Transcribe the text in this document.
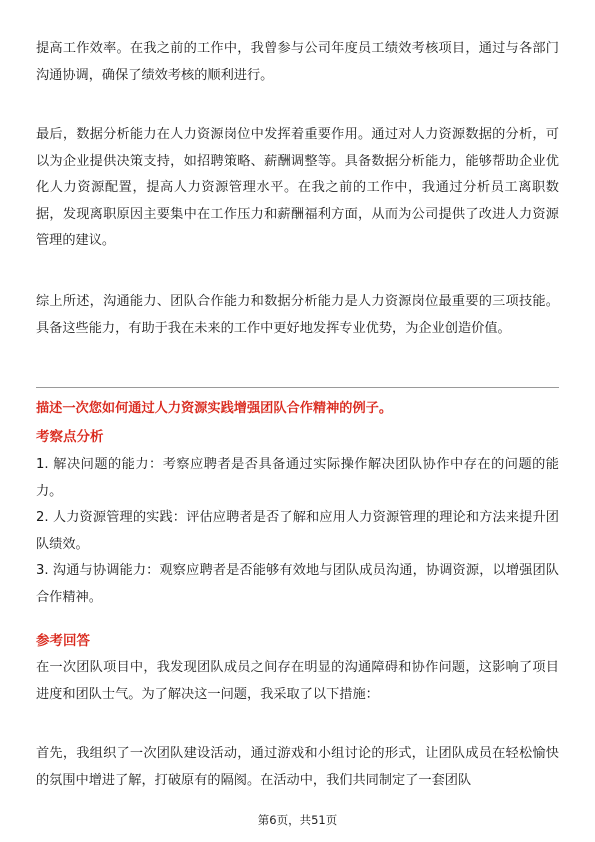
提高工作效率。在我之前的工作中，我曾参与公司年度员工绩效考核项目，通过与各部门沟通协调，确保了绩效考核的顺利进行。

最后，数据分析能力在人力资源岗位中发挥着重要作用。通过对人力资源数据的分析，可以为企业提供决策支持，如招聘策略、薪酬调整等。具备数据分析能力，能够帮助企业优化人力资源配置，提高人力资源管理水平。在我之前的工作中，我通过分析员工离职数据，发现离职原因主要集中在工作压力和薪酬福利方面，从而为公司提供了改进人力资源管理的建议。

综上所述，沟通能力、团队合作能力和数据分析能力是人力资源岗位最重要的三项技能。具备这些能力，有助于我在未来的工作中更好地发挥专业优势，为企业创造价值。

描述一次您如何通过人力资源实践增强团队合作精神的例子。
考察点分析

1. 解决问题的能力：考察应聘者是否具备通过实际操作解决团队协作中存在的问题的能力。

2. 人力资源管理的实践：评估应聘者是否了解和应用人力资源管理的理论和方法来提升团队绩效。

3. 沟通与协调能力：观察应聘者是否能够有效地与团队成员沟通，协调资源，以增强团队合作精神。

参考回答

在一次团队项目中，我发现团队成员之间存在明显的沟通障碍和协作问题，这影响了项目进度和团队士气。为了解决这一问题，我采取了以下措施：

首先，我组织了一次团队建设活动，通过游戏和小组讨论的形式，让团队成员在轻松愉快的氛围中增进了解，打破原有的隔阂。在活动中，我们共同制定了一套团队

第6页，共51页
